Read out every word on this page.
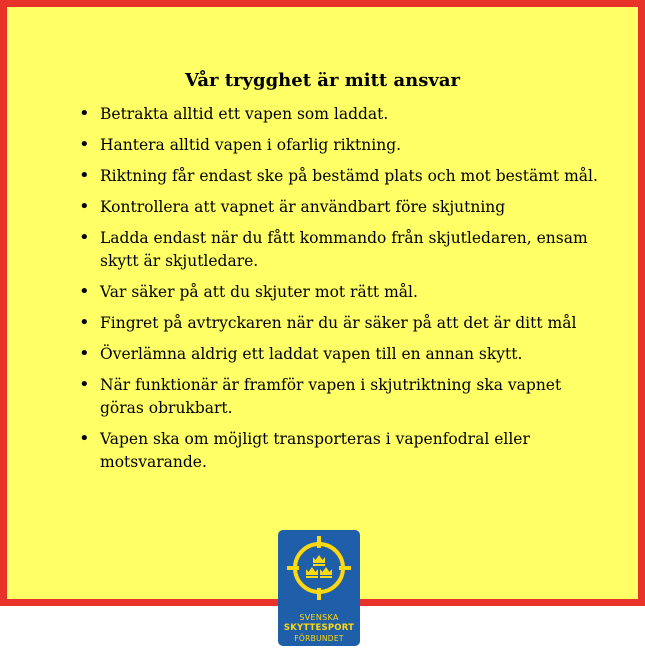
Vår trygghet är mitt ansvar
• Betrakta alltid ett vapen som laddat.
• Hantera alltid vapen i ofarlig riktning.
• Riktning får endast ske på bestämd plats och mot bestämt mål.
• Kontrollera att vapnet är användbart före skjutning
• Ladda endast när du fått kommando från skjutledaren, ensam skytt är skjutledare.
• Var säker på att du skjuter mot rätt mål.
• Fingret på avtryckaren när du är säker på att det är ditt mål
• Överlämna aldrig ett laddat vapen till en annan skytt.
• När funktionär är framför vapen i skjutriktning ska vapnet göras obrukbart.
• Vapen ska om möjligt transporteras i vapenfodral eller motsvarande.
SVENSKA
SKYTTESPORT
FÖRBUNDET
